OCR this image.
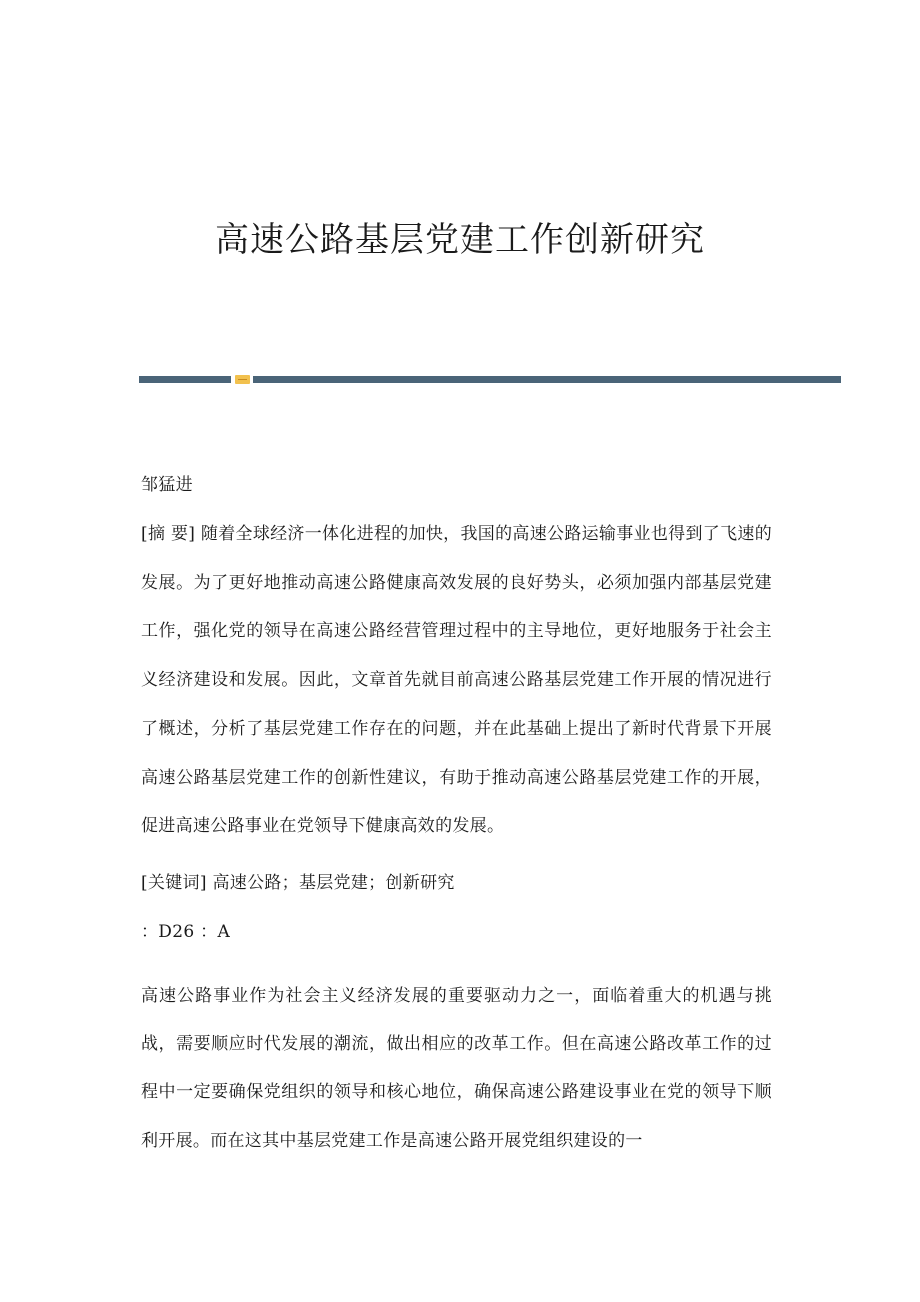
高速公路基层党建工作创新研究

邹猛进

[摘 要] 随着全球经济一体化进程的加快，我国的高速公路运输事业也得到了飞速的发展。为了更好地推动高速公路健康高效发展的良好势头，必须加强内部基层党建工作，强化党的领导在高速公路经营管理过程中的主导地位，更好地服务于社会主义经济建设和发展。因此，文章首先就目前高速公路基层党建工作开展的情况进行了概述，分析了基层党建工作存在的问题，并在此基础上提出了新时代背景下开展高速公路基层党建工作的创新性建议，有助于推动高速公路基层党建工作的开展，促进高速公路事业在党领导下健康高效的发展。

[关键词] 高速公路；基层党建；创新研究

：D26 ：A

高速公路事业作为社会主义经济发展的重要驱动力之一，面临着重大的机遇与挑战，需要顺应时代发展的潮流，做出相应的改革工作。但在高速公路改革工作的过程中一定要确保党组织的领导和核心地位，确保高速公路建设事业在党的领导下顺利开展。而在这其中基层党建工作是高速公路开展党组织建设的一
